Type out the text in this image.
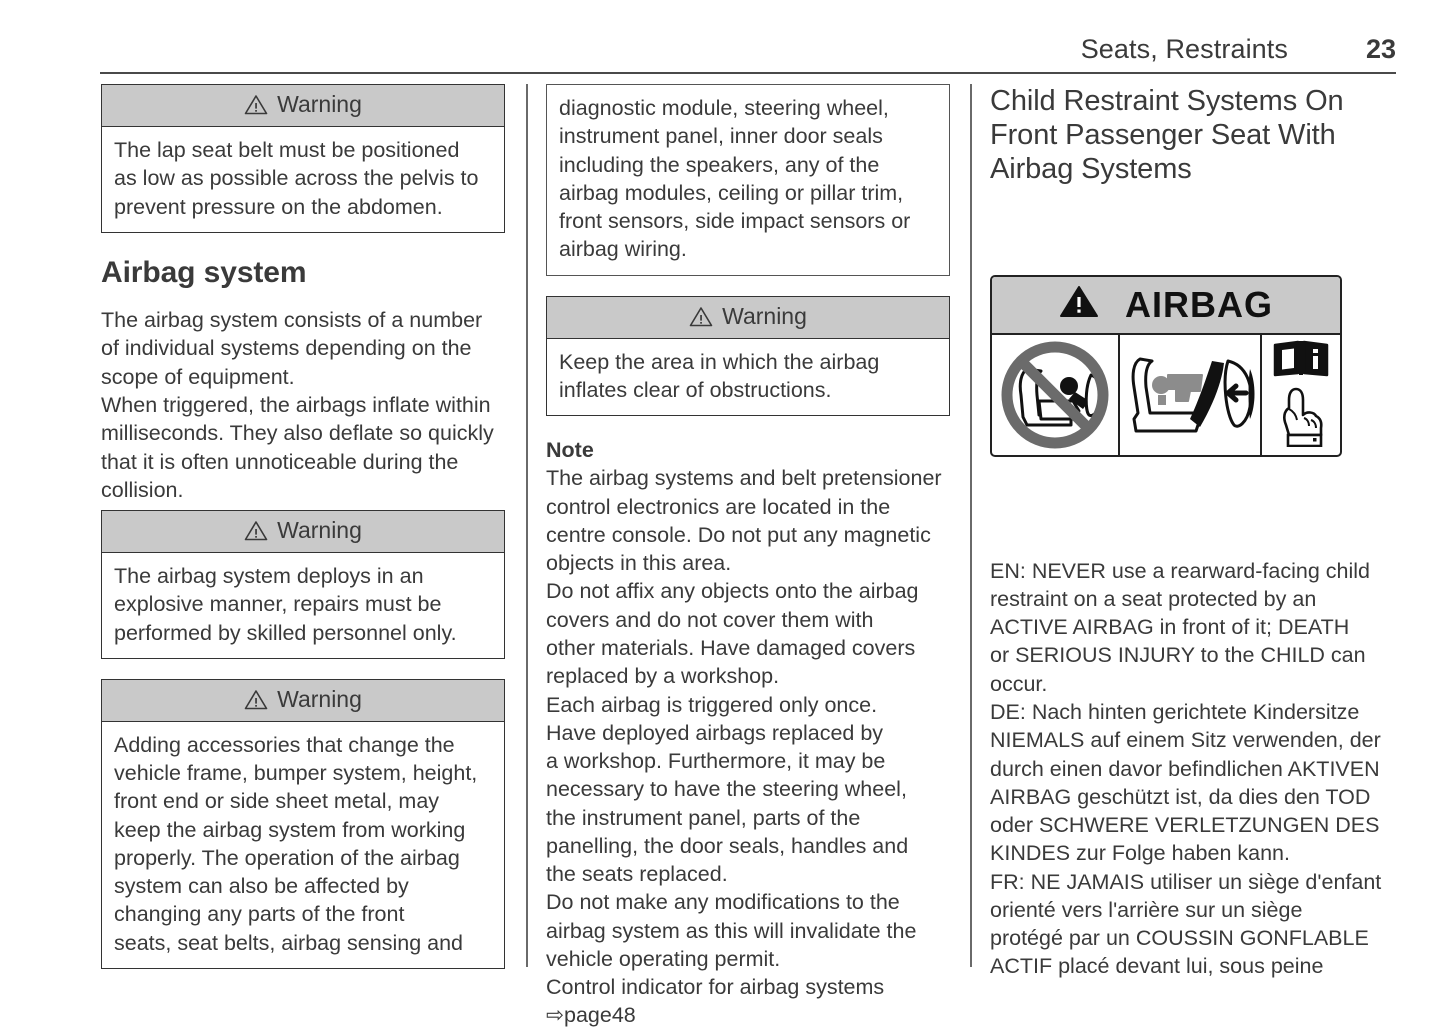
Seats, Restraints	23
Warning
The lap seat belt must be positioned
as low as possible across the pelvis to
prevent pressure on the abdomen.
Airbag system
The airbag system consists of a number
of individual systems depending on the
scope of equipment.
When triggered, the airbags inflate within
milliseconds. They also deflate so quickly
that it is often unnoticeable during the
collision.
Warning
The airbag system deploys in an
explosive manner, repairs must be
performed by skilled personnel only.
Warning
Adding accessories that change the
vehicle frame, bumper system, height,
front end or side sheet metal, may
keep the airbag system from working
properly. The operation of the airbag
system can also be affected by
changing any parts of the front
seats, seat belts, airbag sensing and
diagnostic module, steering wheel,
instrument panel, inner door seals
including the speakers, any of the
airbag modules, ceiling or pillar trim,
front sensors, side impact sensors or
airbag wiring.
Warning
Keep the area in which the airbag
inflates clear of obstructions.
Note
The airbag systems and belt pretensioner
control electronics are located in the
centre console. Do not put any magnetic
objects in this area.
Do not affix any objects onto the airbag
covers and do not cover them with
other materials. Have damaged covers
replaced by a workshop.
Each airbag is triggered only once.
Have deployed airbags replaced by
a workshop. Furthermore, it may be
necessary to have the steering wheel,
the instrument panel, parts of the
panelling, the door seals, handles and
the seats replaced.
Do not make any modifications to the
airbag system as this will invalidate the
vehicle operating permit.
Control indicator for airbag systems
⇨page48
Child Restraint Systems On
Front Passenger Seat With
Airbag Systems
AIRBAG
EN: NEVER use a rearward-facing child
restraint on a seat protected by an
ACTIVE AIRBAG in front of it; DEATH
or SERIOUS INJURY to the CHILD can
occur.
DE: Nach hinten gerichtete Kindersitze
NIEMALS auf einem Sitz verwenden, der
durch einen davor befindlichen AKTIVEN
AIRBAG geschützt ist, da dies den TOD
oder SCHWERE VERLETZUNGEN DES
KINDES zur Folge haben kann.
FR: NE JAMAIS utiliser un siège d'enfant
orienté vers l'arrière sur un siège
protégé par un COUSSIN GONFLABLE
ACTIF placé devant lui, sous peine
